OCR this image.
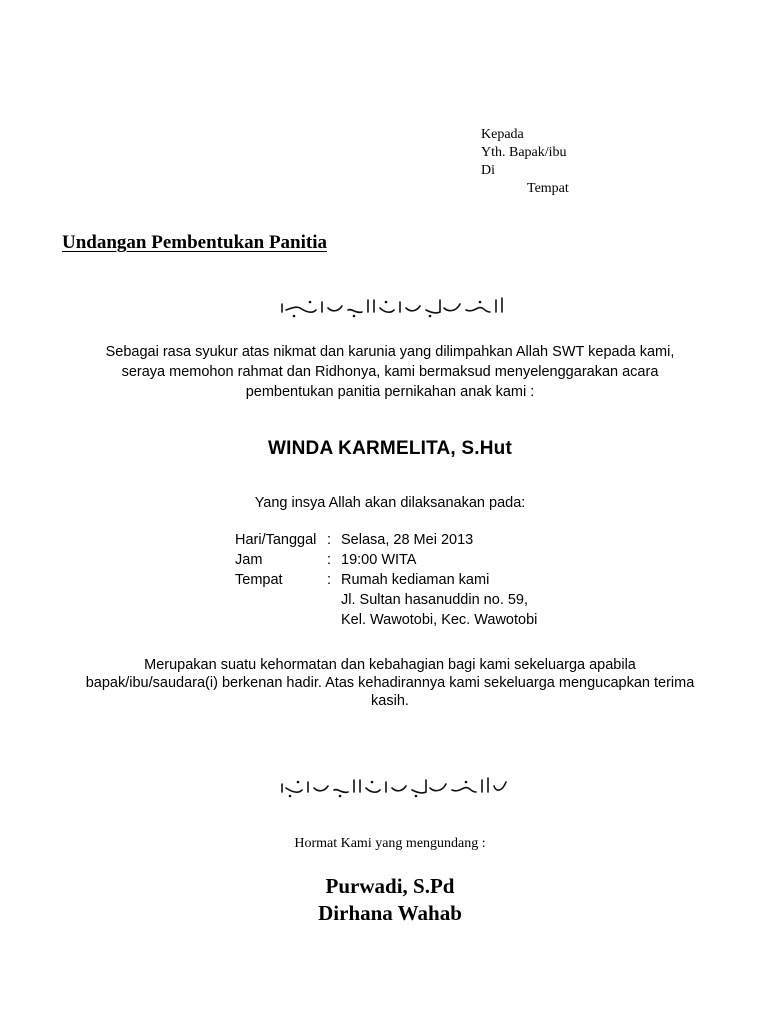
Kepada
Yth. Bapak/ibu
Di
Tempat
Undangan Pembentukan Panitia
Sebagai rasa syukur atas nikmat dan karunia yang dilimpahkan Allah SWT kepada kami,
seraya memohon rahmat dan Ridhonya, kami bermaksud menyelenggarakan acara
pembentukan panitia pernikahan anak kami :
WINDA KARMELITA, S.Hut
Yang insya Allah akan dilaksanakan pada:
Hari/Tanggal : Selasa, 28 Mei 2013
Jam	: 19:00 WITA
Tempat	: Rumah kediaman kami
Jl. Sultan hasanuddin no. 59,
Kel. Wawotobi, Kec. Wawotobi
Merupakan suatu kehormatan dan kebahagian bagi kami sekeluarga apabila
bapak/ibu/saudara(i) berkenan hadir. Atas kehadirannya kami sekeluarga mengucapkan terima
kasih.
Hormat Kami yang mengundang :
Purwadi, S.Pd
Dirhana Wahab
